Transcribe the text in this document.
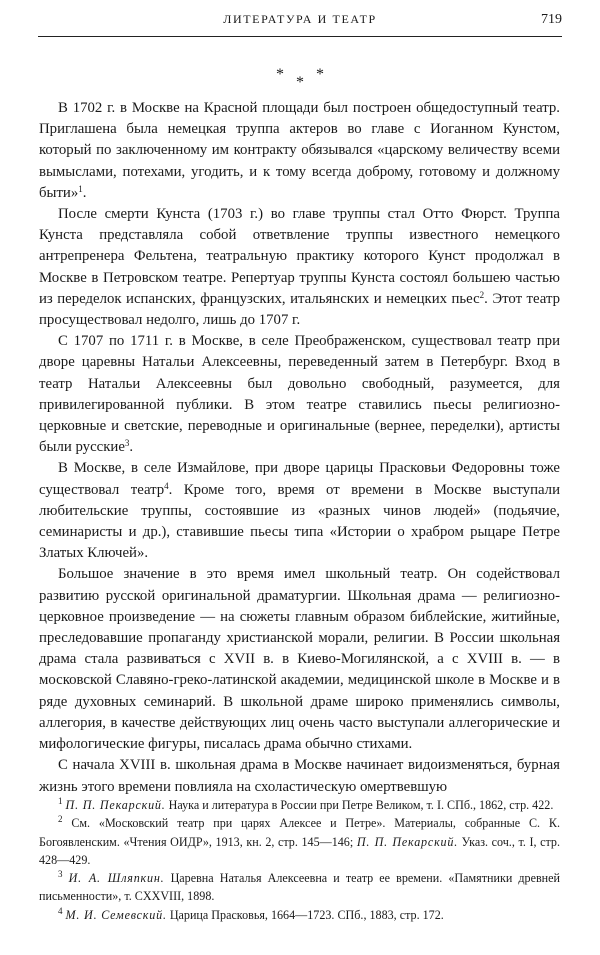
ЛИТЕРАТУРА И ТЕАТР	719
* * *

В 1702 г. в Москве на Красной площади был построен общедоступный театр. Приглашена была немецкая труппа актеров во главе с Иоганном Кунстом, который по заключенному им контракту обязывался «царскому величеству всеми вымыслами, потехами, угодить, и к тому всегда доброму, готовому и должному быти»$^1$.

После смерти Кунста (1703 г.) во главе труппы стал Отто Фюрст. Труппа Кунста представляла собой ответвление труппы известного немецкого антрепренера Фельтена, театральную практику которого Кунст продолжал в Москве в Петровском театре. Репертуар труппы Кунста состоял большею частью из переделок испанских, французских, итальянских и немецких пьес$^2$. Этот театр просуществовал недолго, лишь до 1707 г.

С 1707 по 1711 г. в Москве, в селе Преображенском, существовал театр при дворе царевны Натальи Алексеевны, переведенный затем в Петербург. Вход в театр Натальи Алексеевны был довольно свободный, разумеется, для привилегированной публики. В этом театре ставились пьесы религиозно-церковные и светские, переводные и оригинальные (вернее, переделки), артисты были русские$^3$.

В Москве, в селе Измайлове, при дворе царицы Прасковьи Федоровны тоже существовал театр$^4$. Кроме того, время от времени в Москве выступали любительские труппы, состоявшие из «разных чинов людей» (подьячие, семинаристы и др.), ставившие пьесы типа «Истории о храбром рыцаре Петре Златых Ключей».

Большое значение в это время имел школьный театр. Он содействовал развитию русской оригинальной драматургии. Школьная драма — религиозно-церковное произведение — на сюжеты главным образом библейские, житийные, преследовавшие пропаганду христианской морали, религии. В России школьная драма стала развиваться с XVII в. в Киево-Могилянской, а с XVIII в. — в московской Славяно-греко-латинской академии, медицинской школе в Москве и в ряде духовных семинарий. В школьной драме широко применялись символы, аллегория, в качестве действующих лиц очень часто выступали аллегорические и мифологические фигуры, писалась драма обычно стихами.

С начала XVIII в. школьная драма в Москве начинает видоизменяться, бурная жизнь этого времени повлияла на схоластическую омертвевшую

$^1$ П. П. Пекарский. Наука и литература в России при Петре Великом, т. I. СПб., 1862, стр. 422.
$^2$ См. «Московский театр при царях Алексее и Петре». Материалы, собранные С. К. Богоявленским. «Чтения ОИДР», 1913, кн. 2, стр. 145—146; П. П. Пекарский. Указ. соч., т. I, стр. 428—429.
$^3$ И. А. Шляпкин. Царевна Наталья Алексеевна и театр ее времени. «Памятники древней письменности», т. CXXVIII, 1898.
$^4$ М. И. Семевский. Царица Прасковья, 1664—1723. СПб., 1883, стр. 172.
